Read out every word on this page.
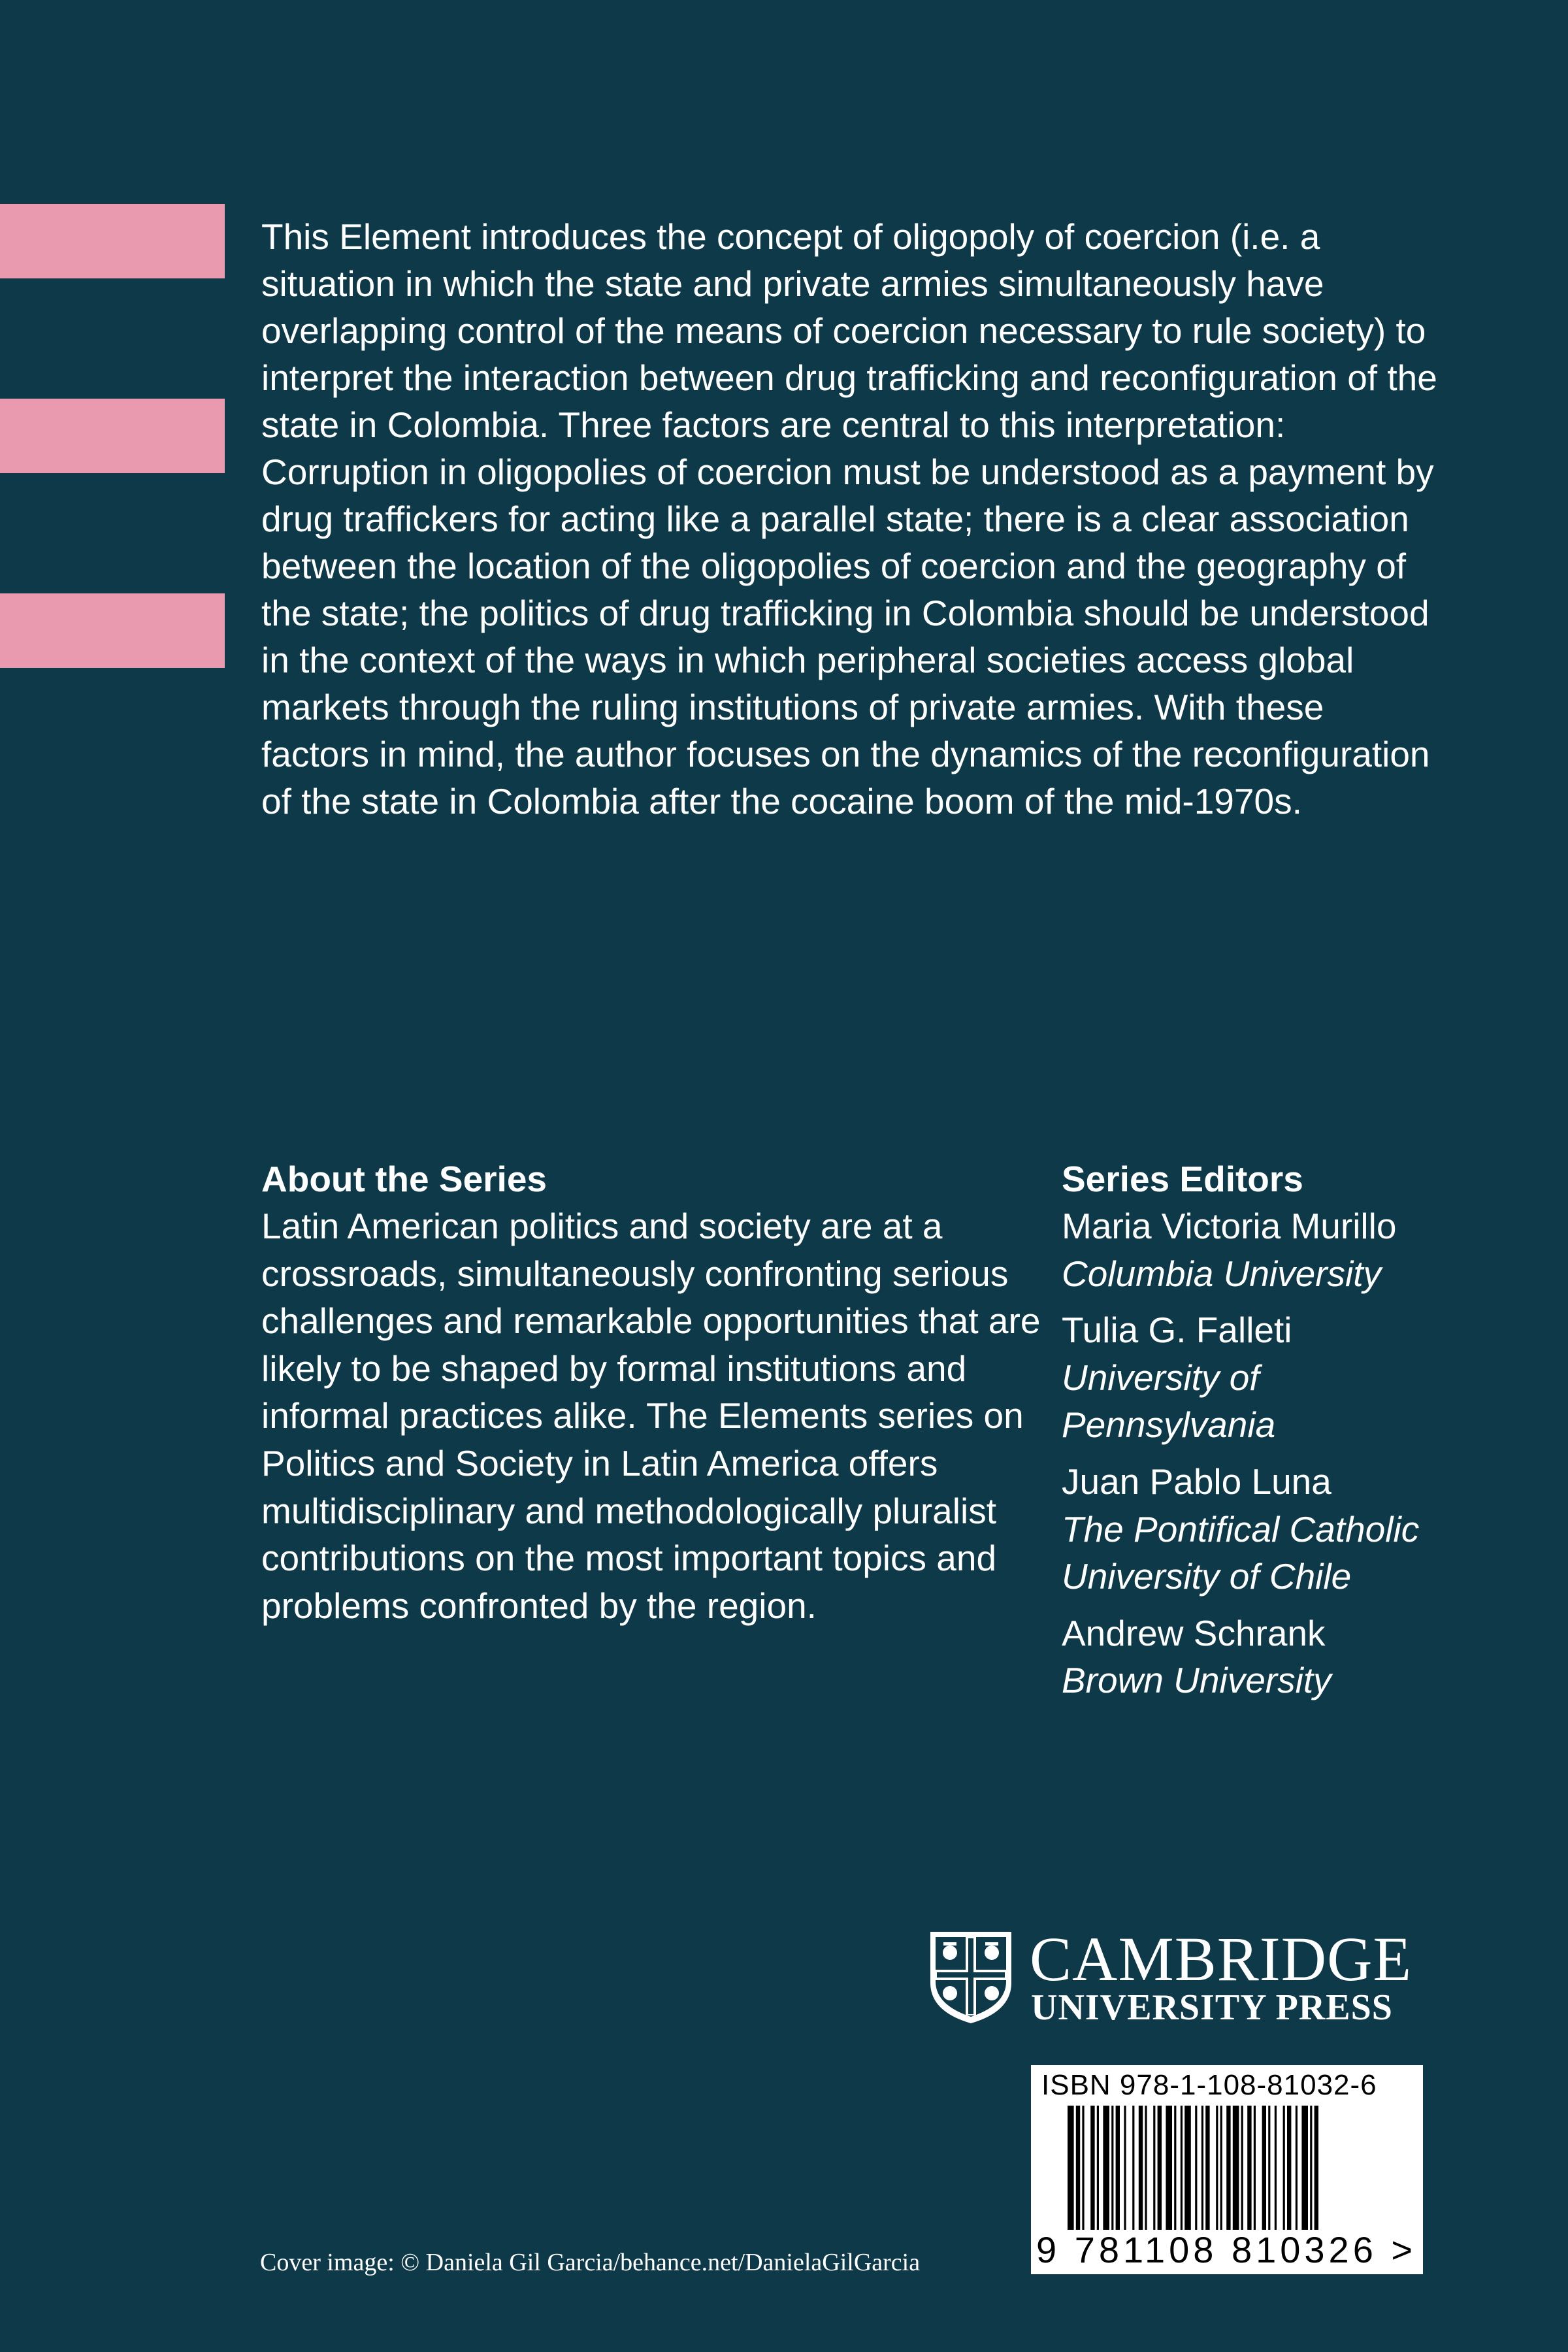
This Element introduces the concept of oligopoly of coercion (i.e. a situation in which the state and private armies simultaneously have overlapping control of the means of coercion necessary to rule society) to interpret the interaction between drug trafficking and reconfiguration of the state in Colombia. Three factors are central to this interpretation: Corruption in oligopolies of coercion must be understood as a payment by drug traffickers for acting like a parallel state; there is a clear association between the location of the oligopolies of coercion and the geography of the state; the politics of drug trafficking in Colombia should be understood in the context of the ways in which peripheral societies access global markets through the ruling institutions of private armies. With these factors in mind, the author focuses on the dynamics of the reconfiguration of the state in Colombia after the cocaine boom of the mid-1970s.

About the Series

Latin American politics and society are at a crossroads, simultaneously confronting serious challenges and remarkable opportunities that are likely to be shaped by formal institutions and informal practices alike. The Elements series on Politics and Society in Latin America offers multidisciplinary and methodologically pluralist contributions on the most important topics and problems confronted by the region.

Series Editors
Maria Victoria Murillo
Columbia University
Tulia G. Falleti
University of Pennsylvania
Juan Pablo Luna
The Pontifical Catholic University of Chile
Andrew Schrank
Brown University
CAMBRIDGE
UNIVERSITY PRESS
ISBN 978-1-108-81032-6
9 781108 810326 >

Cover image: © Daniela Gil Garcia/behance.net/DanielaGilGarcia
